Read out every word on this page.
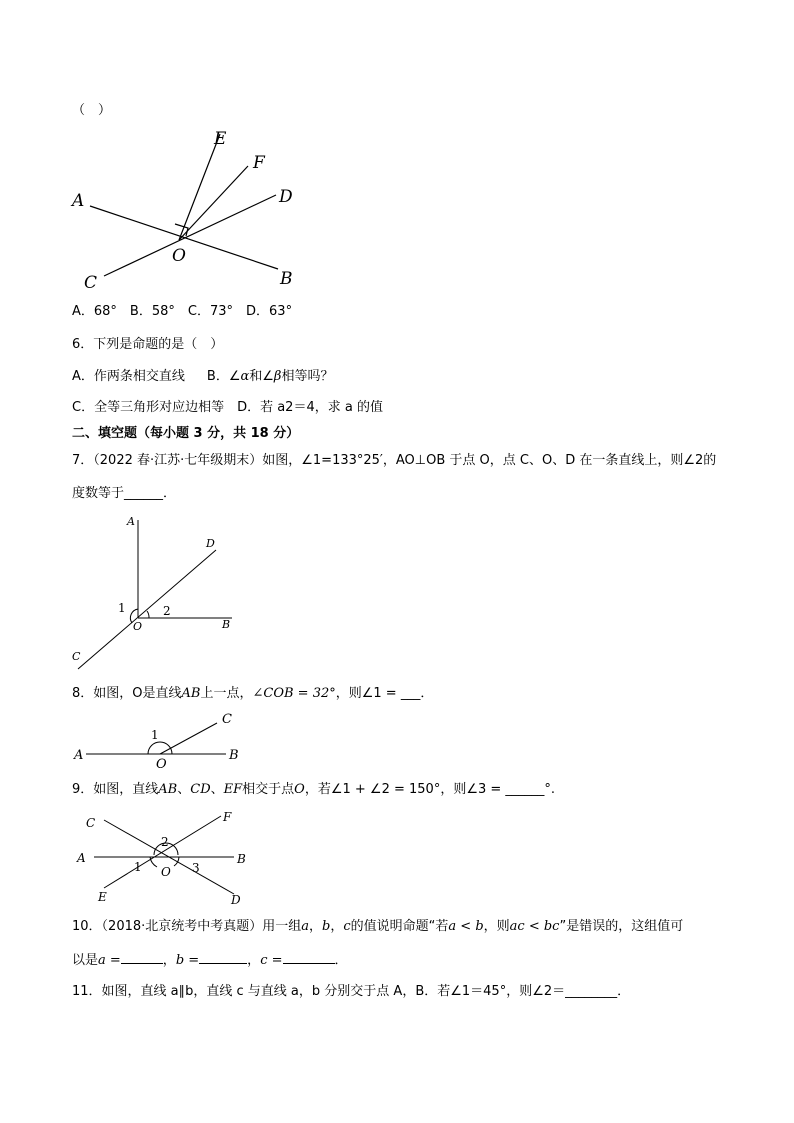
（　）
A
E
F
D
O
C	B
A．68°　B．58°　C．73°　D．63°
6．下列是命题的是（　）
A．作两条相交直线 B．∠α和∠β相等吗？
C．全等三角形对应边相等　D．若 a2＝4，求 a 的值
二、填空题（每小题 3 分，共 18 分）
7．（2022 春·江苏·七年级期末）如图，∠1=133°25′，AO⊥OB 于点 O，点 C、O、D 在一条直线上，则∠2的
度数等于______．
A
D
O	B
C
1	2
8．如图，O是直线AB上一点，∠COB = 32°，则∠1 = ___．
A	B
C
O
1
9．如图，直线AB、CD、EF相交于点O，若∠1 + ∠2 = 150°，则∠3 = ______°.
C	F
A	B
O
E	D
2
1	3
10．（2018·北京统考中考真题）用一组a，b，c的值说明命题“若a < b，则ac < bc”是错误的，这组值可
以是a =	，b =	，c =	．
11．如图，直线 a∥b，直线 c 与直线 a，b 分别交于点 A，B．若∠1＝45°，则∠2＝________．
